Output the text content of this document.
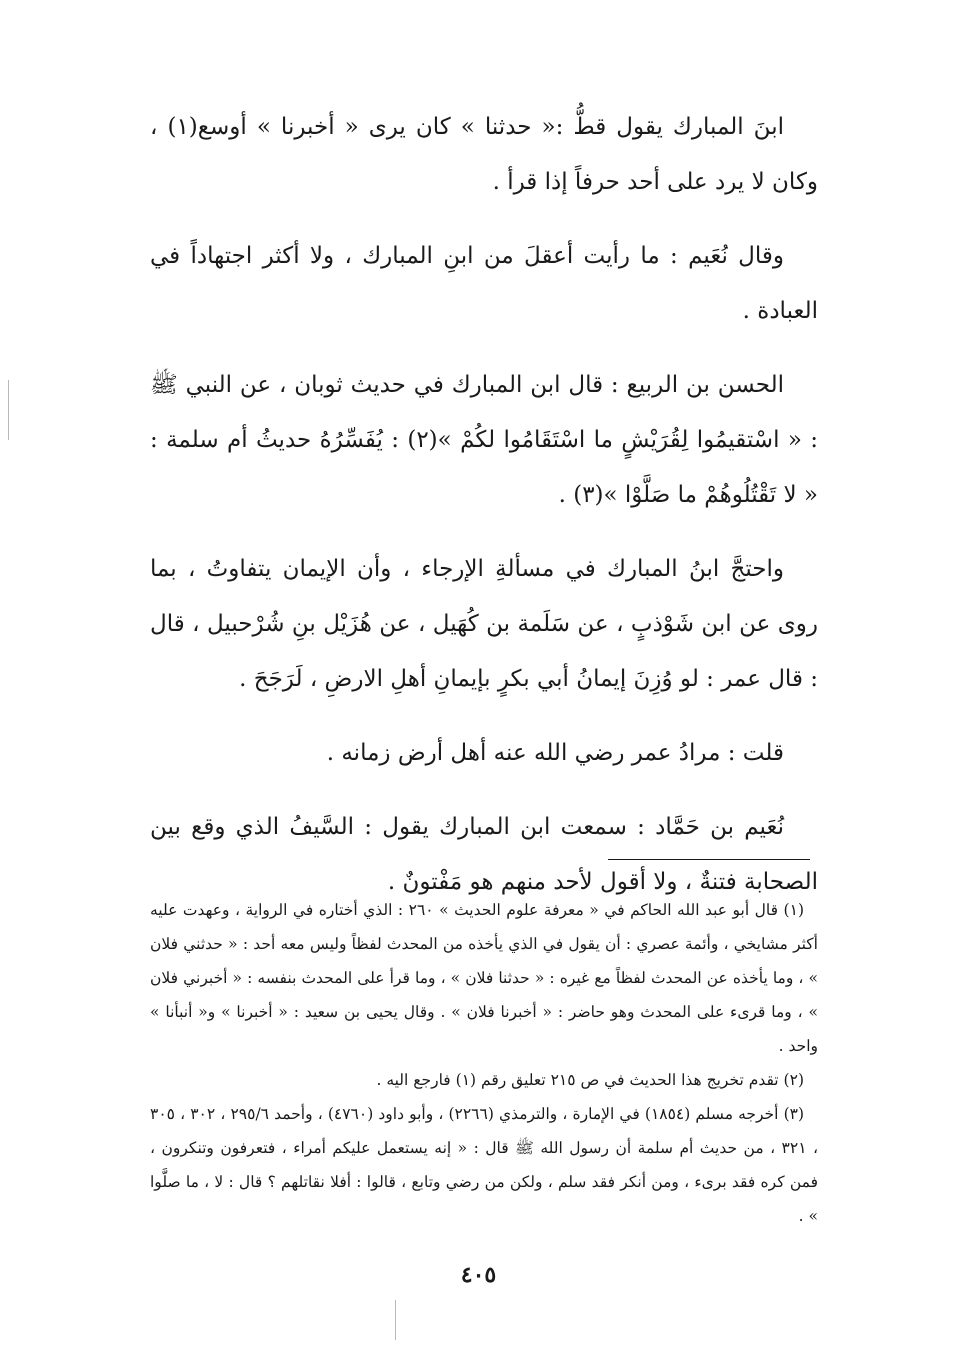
ابنَ المبارك يقول قطُّ :« حدثنا » كان يرى « أخبرنا » أوسع(١) ، وكان لا يرد على أحد حرفاً إذا قرأ .

وقال نُعَيم : ما رأيت أعقلَ من ابنِ المبارك ، ولا أكثر اجتهاداً في العبادة .

الحسن بن الربيع : قال ابن المبارك في حديث ثوبان ، عن النبي ﷺ : « اسْتقيمُوا لِقُرَيْشٍ ما اسْتَقَامُوا لكُمْ »(٢) : يُفَسِّرُهُ حديثُ أم سلمة : « لا تَقْتُلُوهُمْ ما صَلَّوْا »(٣) .

واحتجَّ ابنُ المبارك في مسألةِ الإرجاء ، وأن الإيمان يتفاوتُ ، بما روى عن ابن شَوْذبٍ ، عن سَلَمة بن كُهَيل ، عن هُزَيْل بنِ شُرْحبيل ، قال : قال عمر : لو وُزِنَ إيمانُ أبي بكرٍ بإيمانِ أهلِ الارضِ ، لَرَجَحَ .

قلت : مرادُ عمر رضي الله عنه أهل أرض زمانه .

نُعَيم بن حَمَّاد : سمعت ابن المبارك يقول : السَّيفُ الذي وقع بين الصحابة فتنةٌ ، ولا أقول لأحد منهم هو مَفْتونٌ .

(١) قال أبو عبد الله الحاكم في « معرفة علوم الحديث » ٢٦٠ : الذي أختاره في الرواية ، وعهدت عليه أكثر مشايخي ، وأئمة عصري : أن يقول في الذي يأخذه من المحدث لفظاً وليس معه أحد : « حدثني فلان » ، وما يأخذه عن المحدث لفظاً مع غيره : « حدثنا فلان » ، وما قرأ على المحدث بنفسه : « أخبرني فلان » ، وما قرىء على المحدث وهو حاضر : « أخبرنا فلان » . وقال يحيى بن سعيد : « أخبرنا » و« أنبأنا » واحد .

(٢) تقدم تخريج هذا الحديث في ص ٢١٥ تعليق رقم (١) فارجع اليه .

(٣) أخرجه مسلم (١٨٥٤) في الإمارة ، والترمذي (٢٢٦٦) ، وأبو داود (٤٧٦٠) ، وأحمد ٢٩٥/٦ ، ٣٠٢ ، ٣٠٥ ، ٣٢١ ، من حديث أم سلمة أن رسول الله ﷺ قال : « إنه يستعمل عليكم أمراء ، فتعرفون وتنكرون ، فمن كره فقد برىء ، ومن أنكر فقد سلم ، ولكن من رضي وتابع ، قالوا : أفلا نقاتلهم ؟ قال : لا ، ما صلَّوا » .

٤٠٥
